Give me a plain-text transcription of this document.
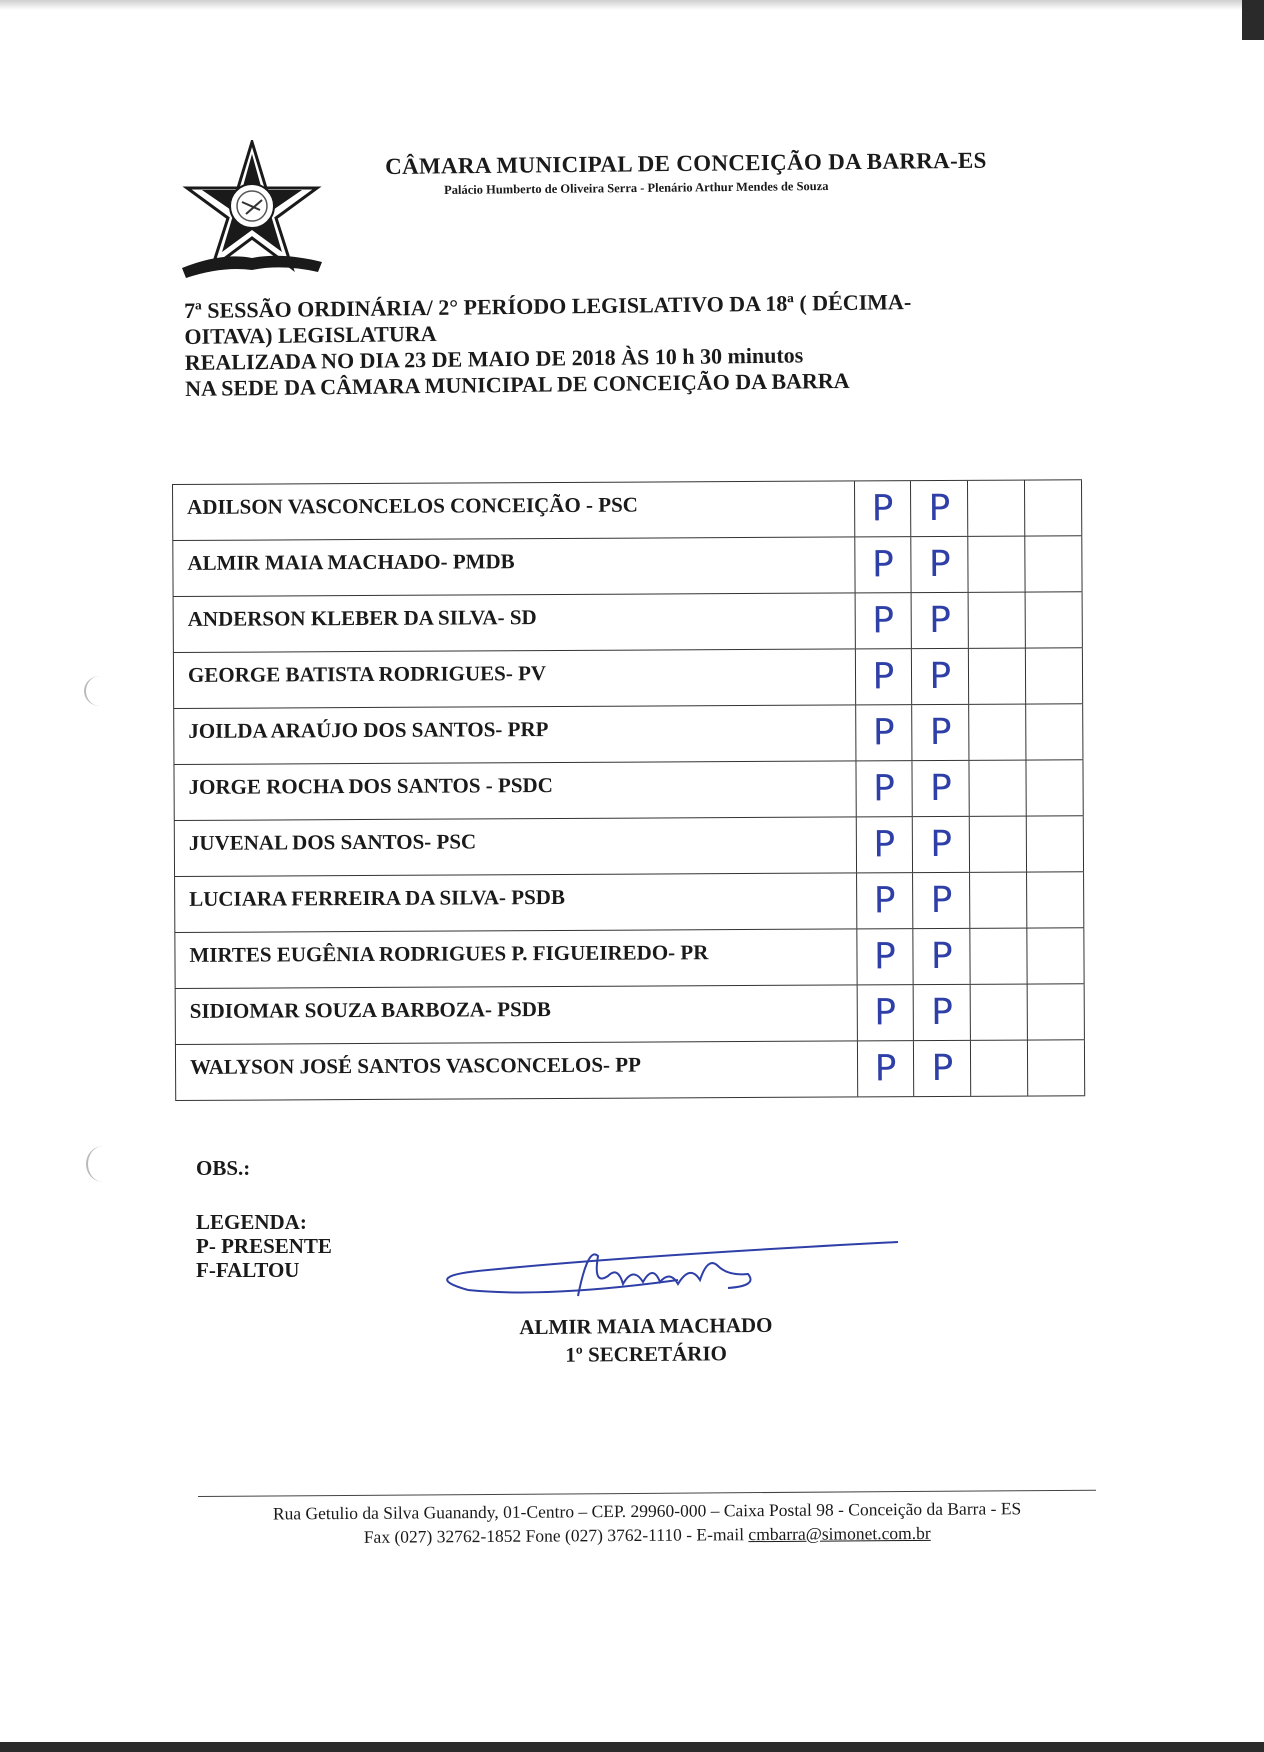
CÂMARA MUNICIPAL DE CONCEIÇÃO DA BARRA-ES
Palácio Humberto de Oliveira Serra - Plenário Arthur Mendes de Souza
7ª SESSÃO ORDINÁRIA/ 2° PERÍODO LEGISLATIVO DA 18ª ( DÉCIMA-
OITAVA) LEGISLATURA
REALIZADA NO DIA 23 DE MAIO DE 2018 ÀS 10 h 30 minutos
NA SEDE DA CÂMARA MUNICIPAL DE CONCEIÇÃO DA BARRA
ADILSON VASCONCELOS CONCEIÇÃO - PSC	P P
ALMIR MAIA MACHADO- PMDB	P P
ANDERSON KLEBER DA SILVA- SD	P P
GEORGE BATISTA RODRIGUES- PV	P P
JOILDA ARAÚJO DOS SANTOS- PRP	P P
JORGE ROCHA DOS SANTOS - PSDC	P P
JUVENAL DOS SANTOS- PSC	P P
LUCIARA FERREIRA DA SILVA- PSDB	P P
MIRTES EUGÊNIA RODRIGUES P. FIGUEIREDO- PR	P P
SIDIOMAR SOUZA BARBOZA- PSDB	P P
WALYSON JOSÉ SANTOS VASCONCELOS- PP	P P
OBS.:
LEGENDA:
P- PRESENTE
F-FALTOU
ALMIR MAIA MACHADO
1º SECRETÁRIO
Rua Getulio da Silva Guanandy, 01-Centro – CEP. 29960-000 – Caixa Postal 98 - Conceição da Barra - ES
Fax (027) 32762-1852 Fone (027) 3762-1110 - E-mail cmbarra@simonet.com.br
